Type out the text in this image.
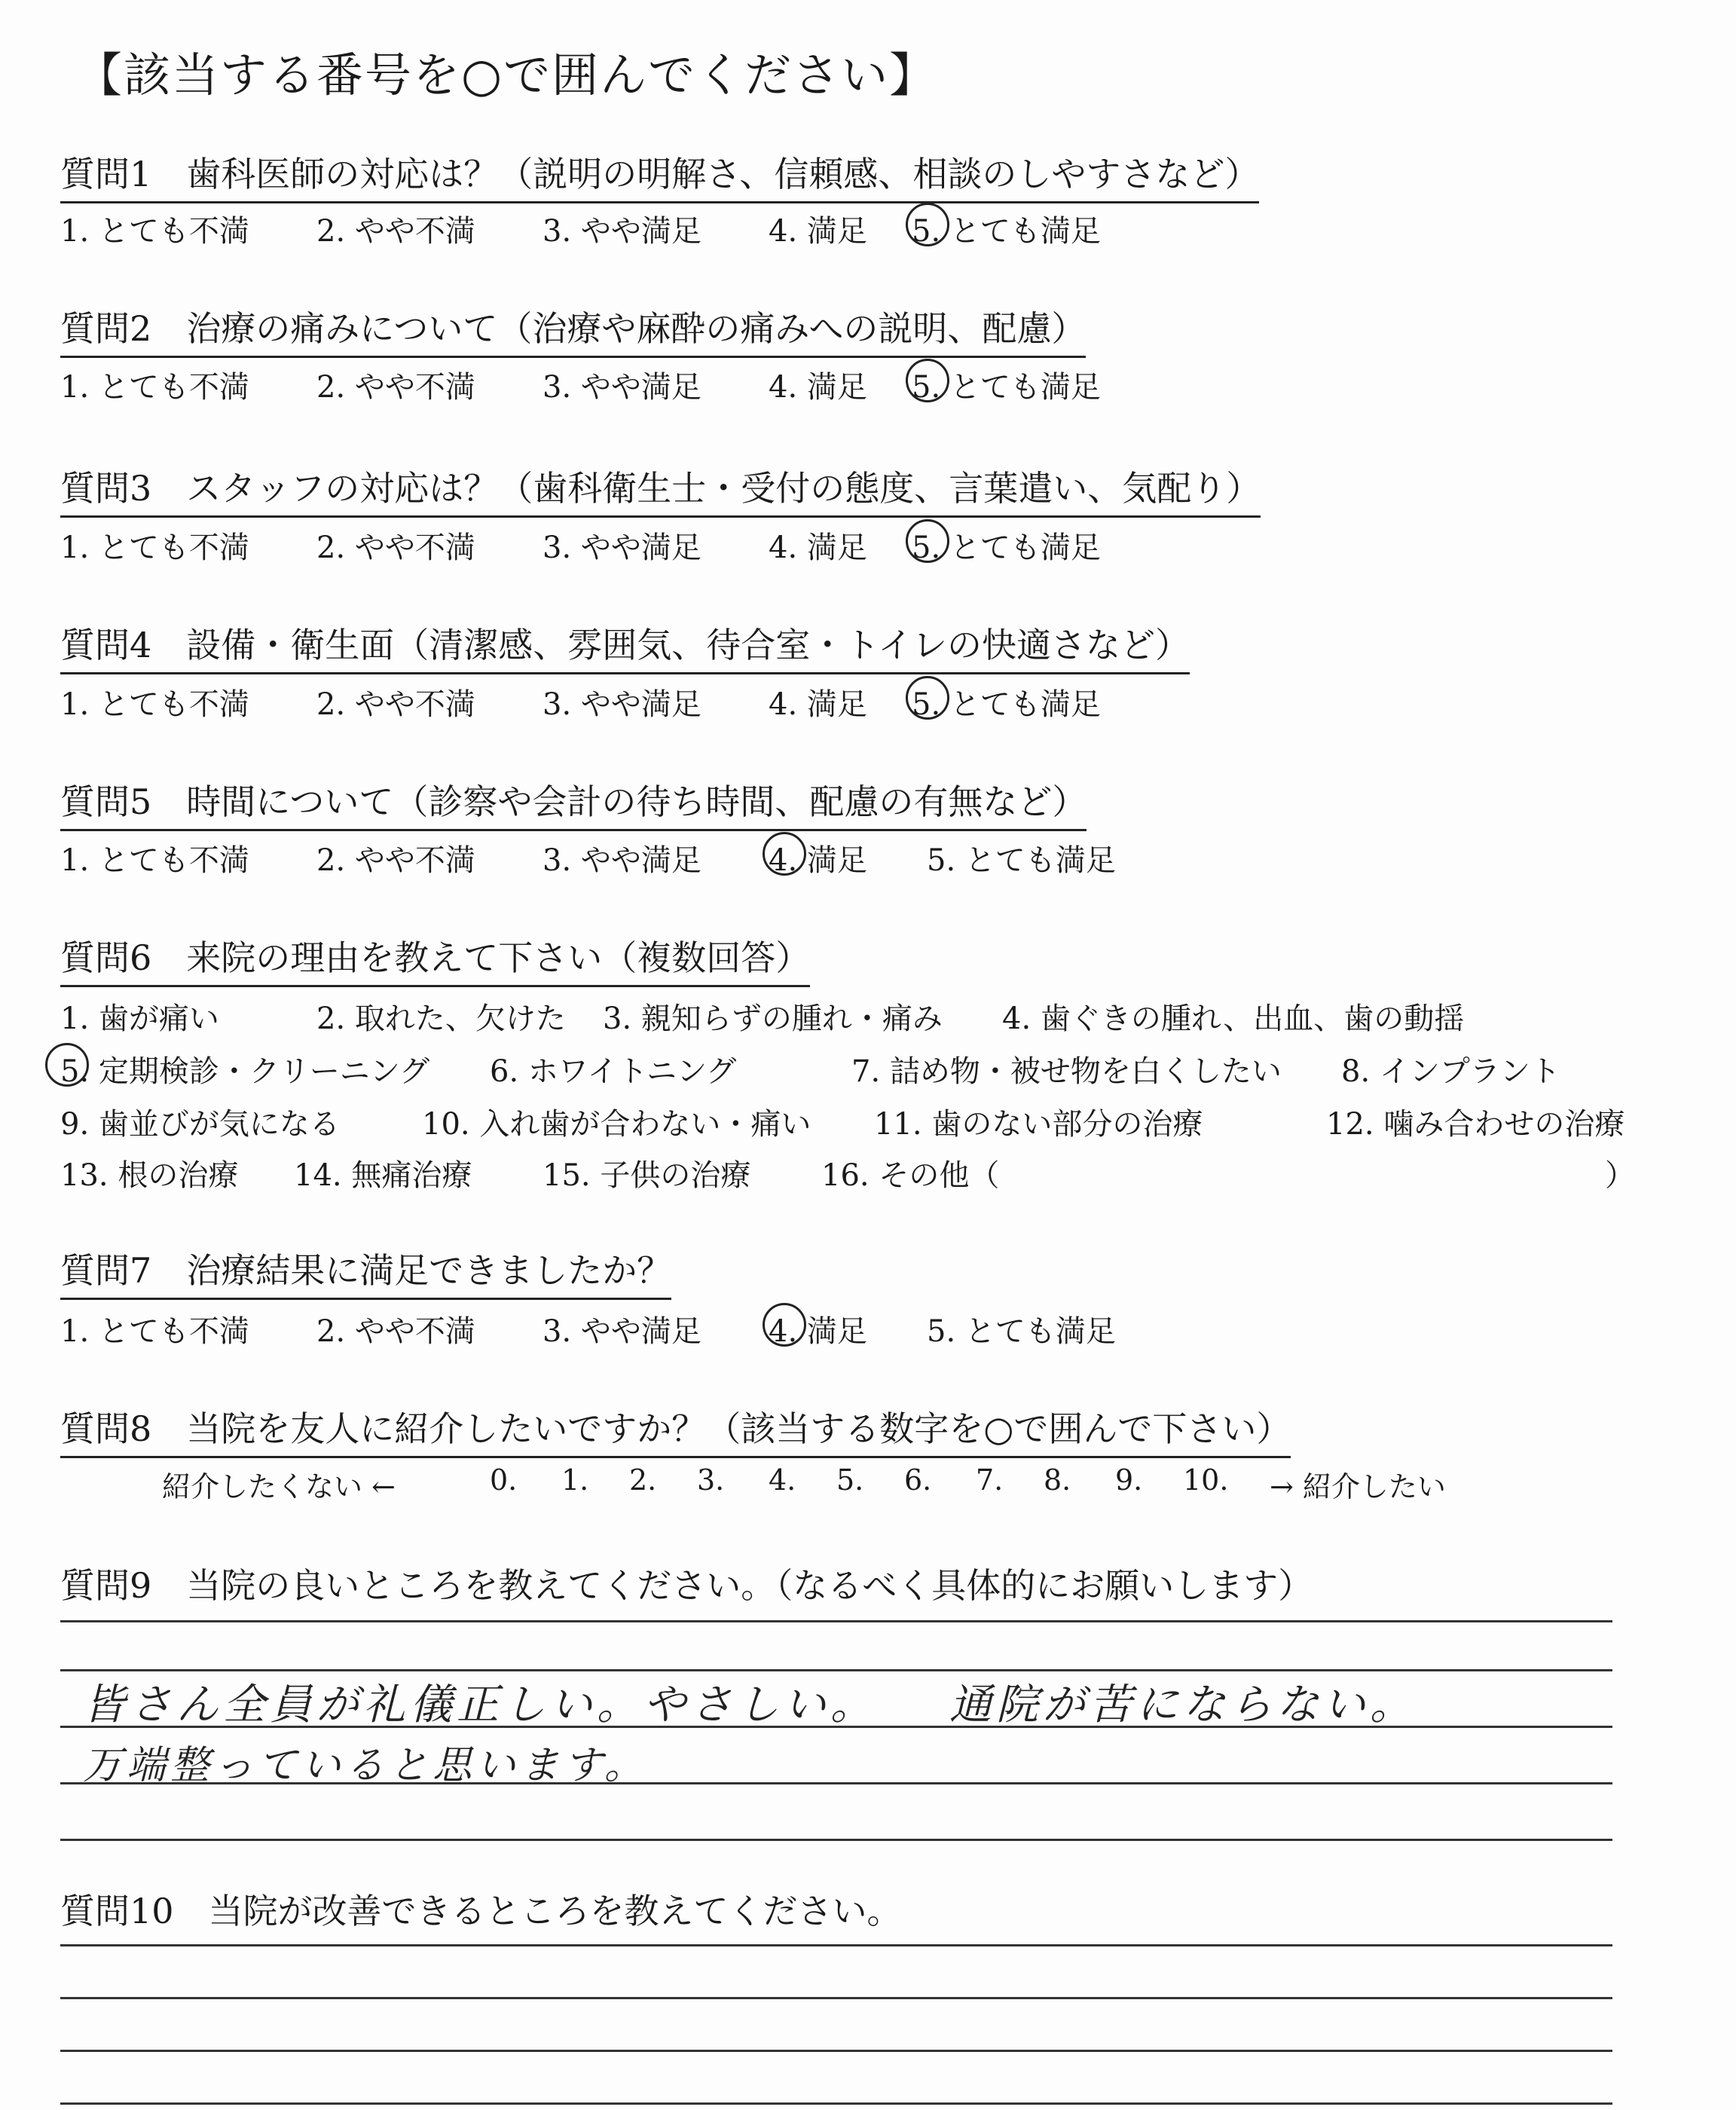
【該当する番号を○で囲んでください】
質問1　歯科医師の対応は？（説明の明解さ、信頼感、相談のしやすさなど）
1. とても不満 2. やや不満 3. やや満足 4. 満足 5. とても満足
質問2　治療の痛みについて（治療や麻酔の痛みへの説明、配慮）
1. とても不満 2. やや不満 3. やや満足 4. 満足 5. とても満足
質問3　スタッフの対応は？（歯科衛生士・受付の態度、言葉遣い、気配り）
1. とても不満 2. やや不満 3. やや満足 4. 満足 5. とても満足
質問4　設備・衛生面（清潔感、雰囲気、待合室・トイレの快適さなど）
1. とても不満 2. やや不満 3. やや満足 4. 満足 5. とても満足
質問5　時間について（診察や会計の待ち時間、配慮の有無など）
1. とても不満 2. やや不満 3. やや満足 4. 満足 5. とても満足
質問6　来院の理由を教えて下さい（複数回答）
1. 歯が痛い	2. 取れた、欠けた 3. 親知らずの腫れ・痛み 4. 歯ぐきの腫れ、出血、歯の動揺
5. 定期検診・クリーニング 6. ホワイトニング	7. 詰め物・被せ物を白くしたい 8. インプラント
9. 歯並びが気になる	10. 入れ歯が合わない・痛い 11. 歯のない部分の治療	12. 噛み合わせの治療
13. 根の治療 14. 無痛治療 15. 子供の治療 16. その他（	）
質問7　治療結果に満足できましたか？
1. とても不満 2. やや不満 3. やや満足 4. 満足 5. とても満足
質問8　当院を友人に紹介したいですか？（該当する数字を○で囲んで下さい）
紹介したくない ←	0. 1. 2. 3. 4. 5. 6. 7. 8. 9. 10. → 紹介したい
質問9　当院の良いところを教えてください。（なるべく具体的にお願いします）
皆さん全員が礼儀正しい。やさしい。　　通院が苦にならない。
万端整っていると思います。
質問10　当院が改善できるところを教えてください。
